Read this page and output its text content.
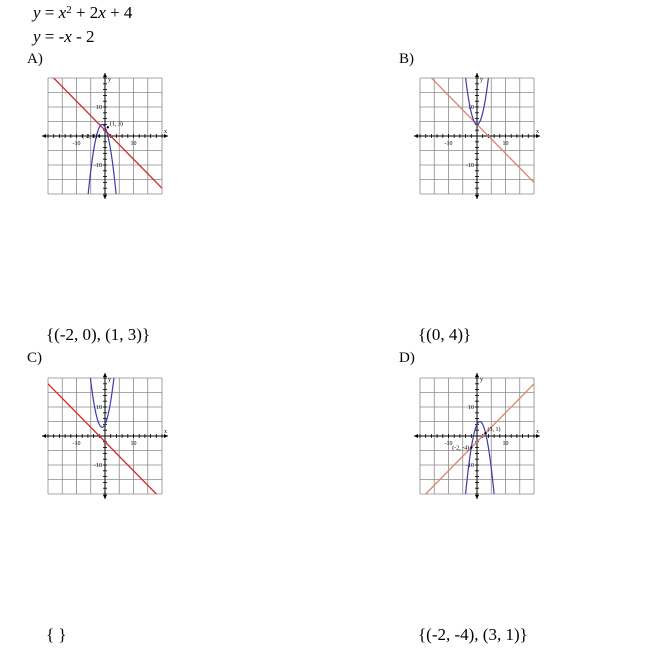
$y = x^2 + 2x + 4$
y = -x - 2
A)	B)
C)	D)
-10	10
10
-10
x
y
(-2, 0)
(1, 3)
-10	10
10
-10
x
y
-10	10
10
-10
x
y
-10	10
10
-10
x
y
(-2, -4)
(3, 1)
{(-2, 0), (1, 3)}	{(0, 4)}
{ }	{(-2, -4), (3, 1)}
